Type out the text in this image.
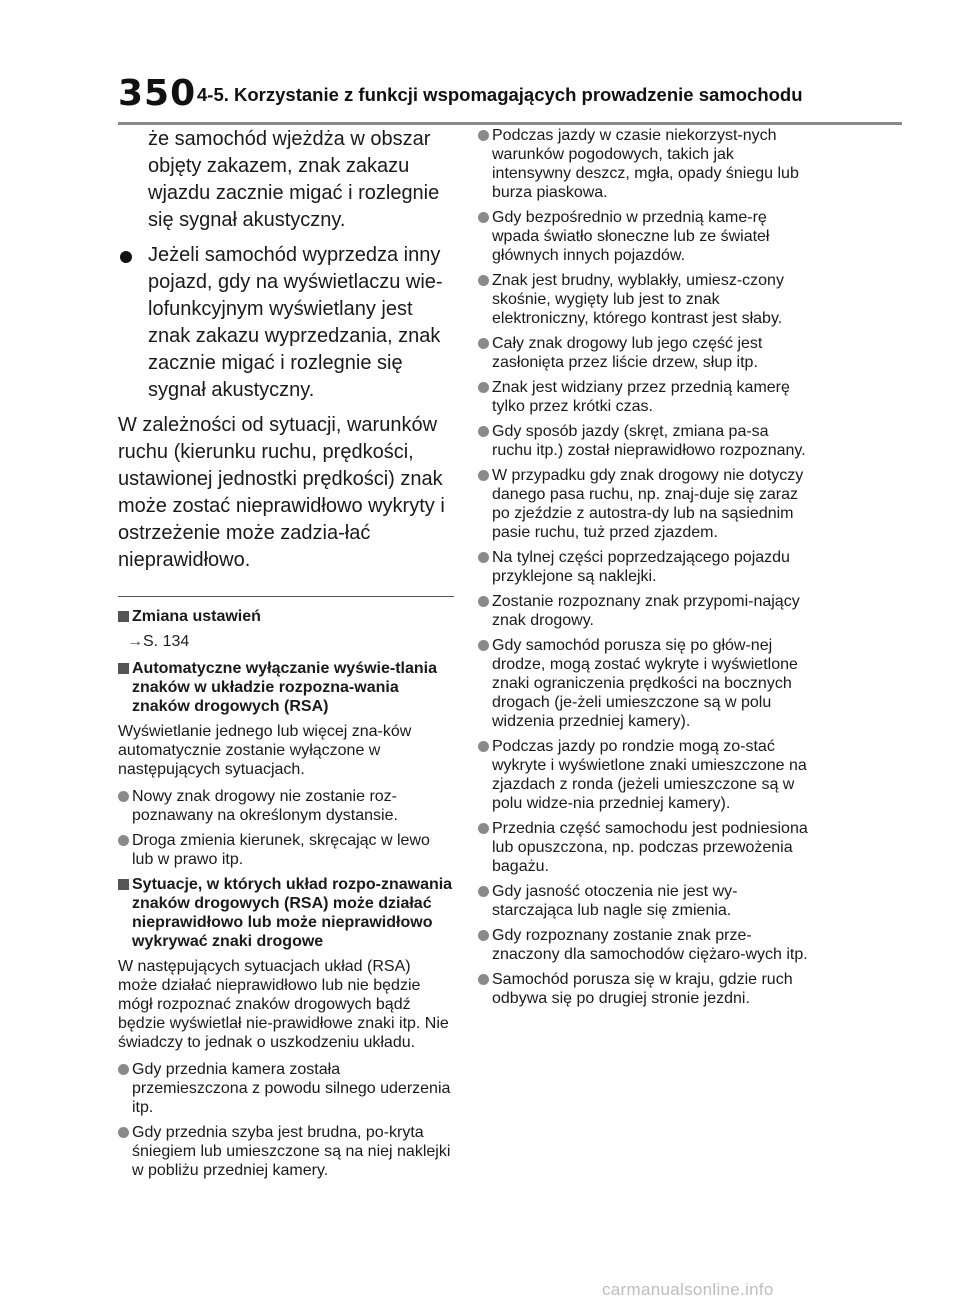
350 4-5. Korzystanie z funkcji wspomagających prowadzenie samochodu
że samochód wjeżdża w obszar objęty zakazem, znak zakazu wjazdu zacznie migać i rozlegnie się sygnał akustyczny.
Jeżeli samochód wyprzedza inny pojazd, gdy na wyświetlaczu wie-lofunkcyjnym wyświetlany jest znak zakazu wyprzedzania, znak zacznie migać i rozlegnie się sygnał akustyczny.
W zależności od sytuacji, warunków ruchu (kierunku ruchu, prędkości, ustawionej jednostki prędkości) znak może zostać nieprawidłowo wykryty i ostrzeżenie może zadzia-łać nieprawidłowo.
Zmiana ustawień
→S. 134
Automatyczne wyłączanie wyświe-tlania znaków w układzie rozpozna-wania znaków drogowych (RSA)
Wyświetlanie jednego lub więcej zna-ków automatycznie zostanie wyłączone w następujących sytuacjach.
Nowy znak drogowy nie zostanie roz-poznawany na określonym dystansie.
Droga zmienia kierunek, skręcając w lewo lub w prawo itp.
Sytuacje, w których układ rozpo-znawania znaków drogowych (RSA) może działać nieprawidłowo lub może nieprawidłowo wykrywać znaki drogowe
W następujących sytuacjach układ (RSA) może działać nieprawidłowo lub nie będzie mógł rozpoznać znaków drogowych bądź będzie wyświetlał nie-prawidłowe znaki itp. Nie świadczy to jednak o uszkodzeniu układu.
Gdy przednia kamera została przemieszczona z powodu silnego uderzenia itp.
Gdy przednia szyba jest brudna, po-kryta śniegiem lub umieszczone są na niej naklejki w pobliżu przedniej kamery.
Podczas jazdy w czasie niekorzyst-nych warunków pogodowych, takich jak intensywny deszcz, mgła, opady śniegu lub burza piaskowa.
Gdy bezpośrednio w przednią kame-rę wpada światło słoneczne lub ze świateł głównych innych pojazdów.
Znak jest brudny, wyblakły, umiesz-czony skośnie, wygięty lub jest to znak elektroniczny, którego kontrast jest słaby.
Cały znak drogowy lub jego część jest zasłonięta przez liście drzew, słup itp.
Znak jest widziany przez przednią kamerę tylko przez krótki czas.
Gdy sposób jazdy (skręt, zmiana pa-sa ruchu itp.) został nieprawidłowo rozpoznany.
W przypadku gdy znak drogowy nie dotyczy danego pasa ruchu, np. znaj-duje się zaraz po zjeździe z autostra-dy lub na sąsiednim pasie ruchu, tuż przed zjazdem.
Na tylnej części poprzedzającego pojazdu przyklejone są naklejki.
Zostanie rozpoznany znak przypomi-nający znak drogowy.
Gdy samochód porusza się po głów-nej drodze, mogą zostać wykryte i wyświetlone znaki ograniczenia prędkości na bocznych drogach (je-żeli umieszczone są w polu widzenia przedniej kamery).
Podczas jazdy po rondzie mogą zo-stać wykryte i wyświetlone znaki umieszczone na zjazdach z ronda (jeżeli umieszczone są w polu widze-nia przedniej kamery).
Przednia część samochodu jest podniesiona lub opuszczona, np. podczas przewożenia bagażu.
Gdy jasność otoczenia nie jest wy-starczająca lub nagle się zmienia.
Gdy rozpoznany zostanie znak prze-znaczony dla samochodów ciężaro-wych itp.
Samochód porusza się w kraju, gdzie ruch odbywa się po drugiej stronie jezdni.
carmanualsonline.info
